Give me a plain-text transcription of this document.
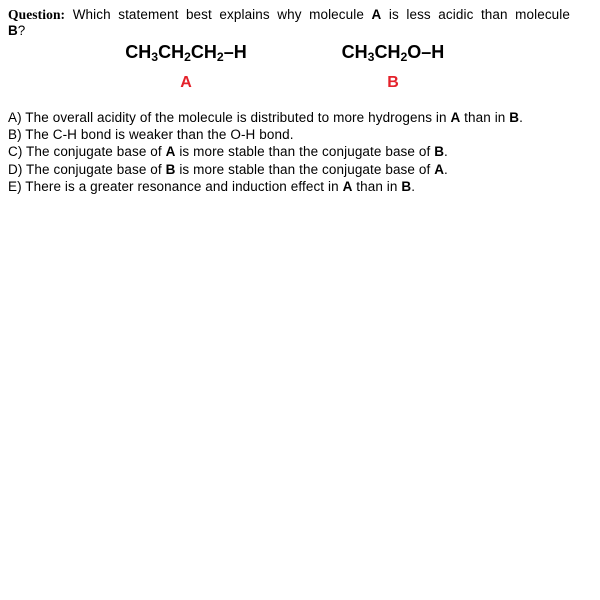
Question: Which statement best explains why molecule A is less acidic than molecule

B?

$CH_3CH_2CH_2-H$
A
$CH_3CH_2O-H$
B
A) The overall acidity of the molecule is distributed to more hydrogens in A than in B.
B) The C-H bond is weaker than the O-H bond.
C) The conjugate base of A is more stable than the conjugate base of B.
D) The conjugate base of B is more stable than the conjugate base of A.
E) There is a greater resonance and induction effect in A than in B.
